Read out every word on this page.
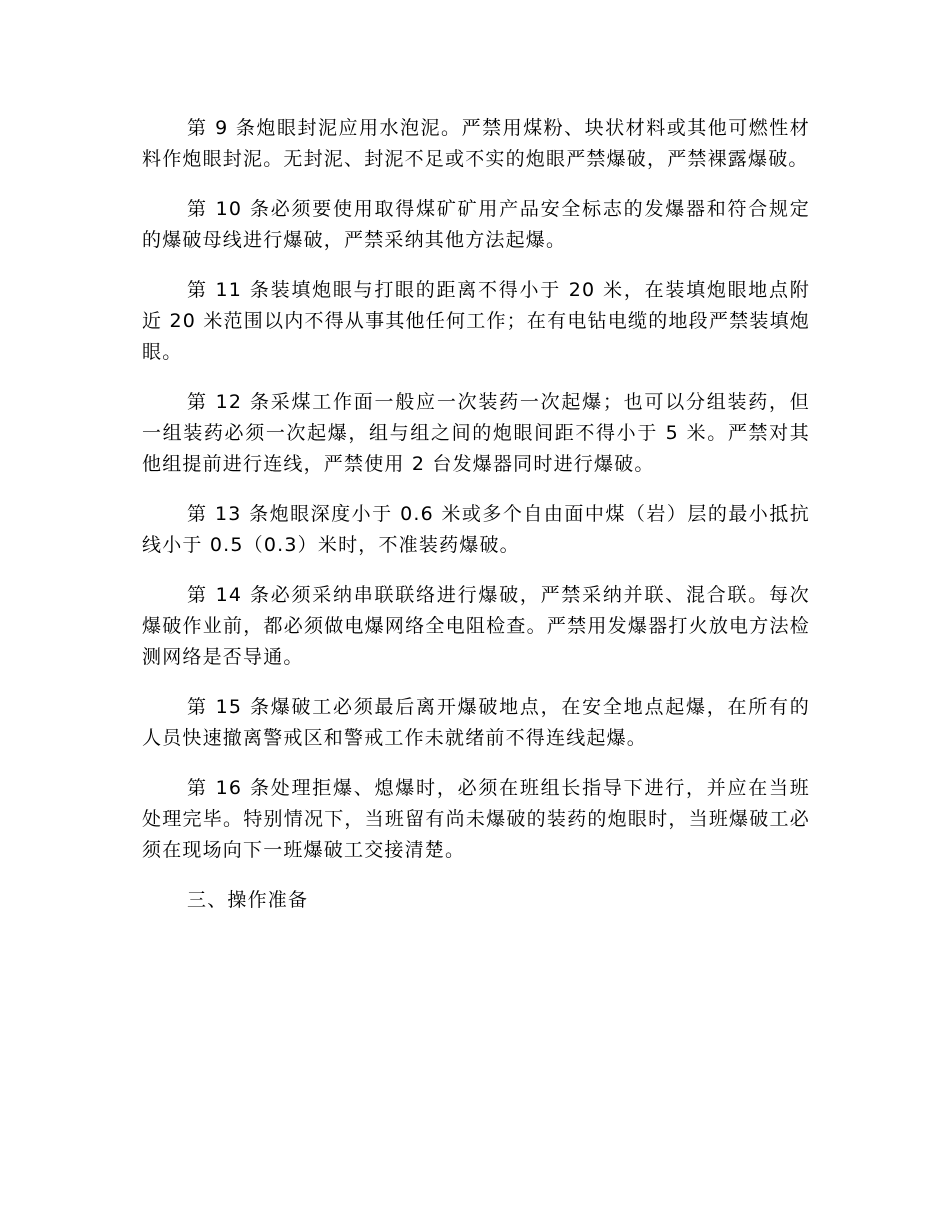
第 9 条炮眼封泥应用水泡泥。严禁用煤粉、块状材料或其他可燃性材料作炮眼封泥。无封泥、封泥不足或不实的炮眼严禁爆破，严禁裸露爆破。

第 10 条必须要使用取得煤矿矿用产品安全标志的发爆器和符合规定的爆破母线进行爆破，严禁采纳其他方法起爆。

第 11 条装填炮眼与打眼的距离不得小于 20 米，在装填炮眼地点附近 20 米范围以内不得从事其他任何工作；在有电钻电缆的地段严禁装填炮眼。

第 12 条采煤工作面一般应一次装药一次起爆；也可以分组装药，但一组装药必须一次起爆，组与组之间的炮眼间距不得小于 5 米。严禁对其他组提前进行连线，严禁使用 2 台发爆器同时进行爆破。

第 13 条炮眼深度小于 0.6 米或多个自由面中煤（岩）层的最小抵抗线小于 0.5（0.3）米时，不准装药爆破。

第 14 条必须采纳串联联络进行爆破，严禁采纳并联、混合联。每次爆破作业前，都必须做电爆网络全电阻检查。严禁用发爆器打火放电方法检测网络是否导通。

第 15 条爆破工必须最后离开爆破地点，在安全地点起爆，在所有的人员快速撤离警戒区和警戒工作未就绪前不得连线起爆。

第 16 条处理拒爆、熄爆时，必须在班组长指导下进行，并应在当班处理完毕。特别情况下，当班留有尚未爆破的装药的炮眼时，当班爆破工必须在现场向下一班爆破工交接清楚。

三、操作准备
